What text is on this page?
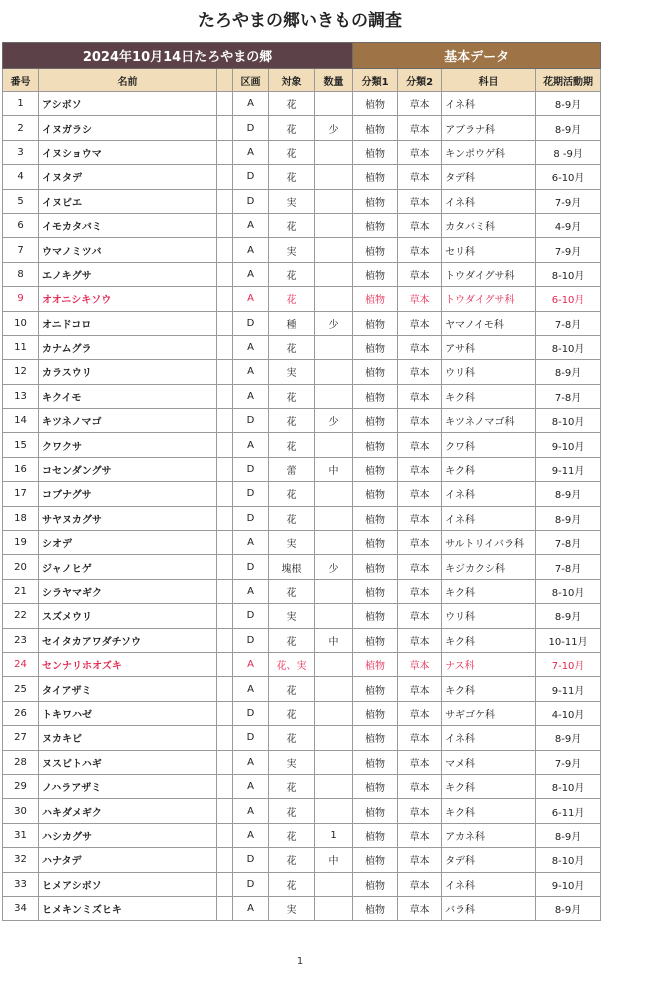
たろやまの郷いきもの調査
2024年10月14日たろやまの郷						基本データ			
番号	名前		区画	対象	数量	分類1	分類2	科目	花期活動期
1	アシボソ		A	花		植物	草本	イネ科	8-9月
2	イヌガラシ		D	花	少	植物	草本	アブラナ科	8-9月
3	イヌショウマ		A	花		植物	草本	キンポウゲ科	8 -9月
4	イヌタデ		D	花		植物	草本	タデ科	6-10月
5	イヌビエ		D	実		植物	草本	イネ科	7-9月
6	イモカタバミ		A	花		植物	草本	カタバミ科	4-9月
7	ウマノミツバ		A	実		植物	草本	セリ科	7-9月
8	エノキグサ		A	花		植物	草本	トウダイグサ科	8-10月
9	オオニシキソウ		A	花		植物	草本	トウダイグサ科	6-10月
10	オニドコロ		D	種	少	植物	草本	ヤマノイモ科	7-8月
11	カナムグラ		A	花		植物	草本	アサ科	8-10月
12	カラスウリ		A	実		植物	草本	ウリ科	8-9月
13	キクイモ		A	花		植物	草本	キク科	7-8月
14	キツネノマゴ		D	花	少	植物	草本	キツネノマゴ科	8-10月
15	クワクサ		A	花		植物	草本	クワ科	9-10月
16	コセンダングサ		D	蕾	中	植物	草本	キク科	9-11月
17	コブナグサ		D	花		植物	草本	イネ科	8-9月
18	サヤヌカグサ		D	花		植物	草本	イネ科	8-9月
19	シオデ		A	実		植物	草本	サルトリイバラ科	7-8月
20	ジャノヒゲ		D	塊根	少	植物	草本	キジカクシ科	7-8月
21	シラヤマギク		A	花		植物	草本	キク科	8-10月
22	スズメウリ		D	実		植物	草本	ウリ科	8-9月
23	セイタカアワダチソウ		D	花	中	植物	草本	キク科	10-11月
24	センナリホオズキ		A	花、実		植物	草本	ナス科	7-10月
25	タイアザミ		A	花		植物	草本	キク科	9-11月
26	トキワハゼ		D	花		植物	草本	サギゴケ科	4-10月
27	ヌカキビ		D	花		植物	草本	イネ科	8-9月
28	ヌスビトハギ		A	実		植物	草本	マメ科	7-9月
29	ノハラアザミ		A	花		植物	草本	キク科	8-10月
30	ハキダメギク		A	花		植物	草本	キク科	6-11月
31	ハシカグサ		A	花	1	植物	草本	アカネ科	8-9月
32	ハナタデ		D	花	中	植物	草本	タデ科	8-10月
33	ヒメアシボソ		D	花		植物	草本	イネ科	9-10月
34	ヒメキンミズヒキ		A	実		植物	草本	バラ科	8-9月
1
